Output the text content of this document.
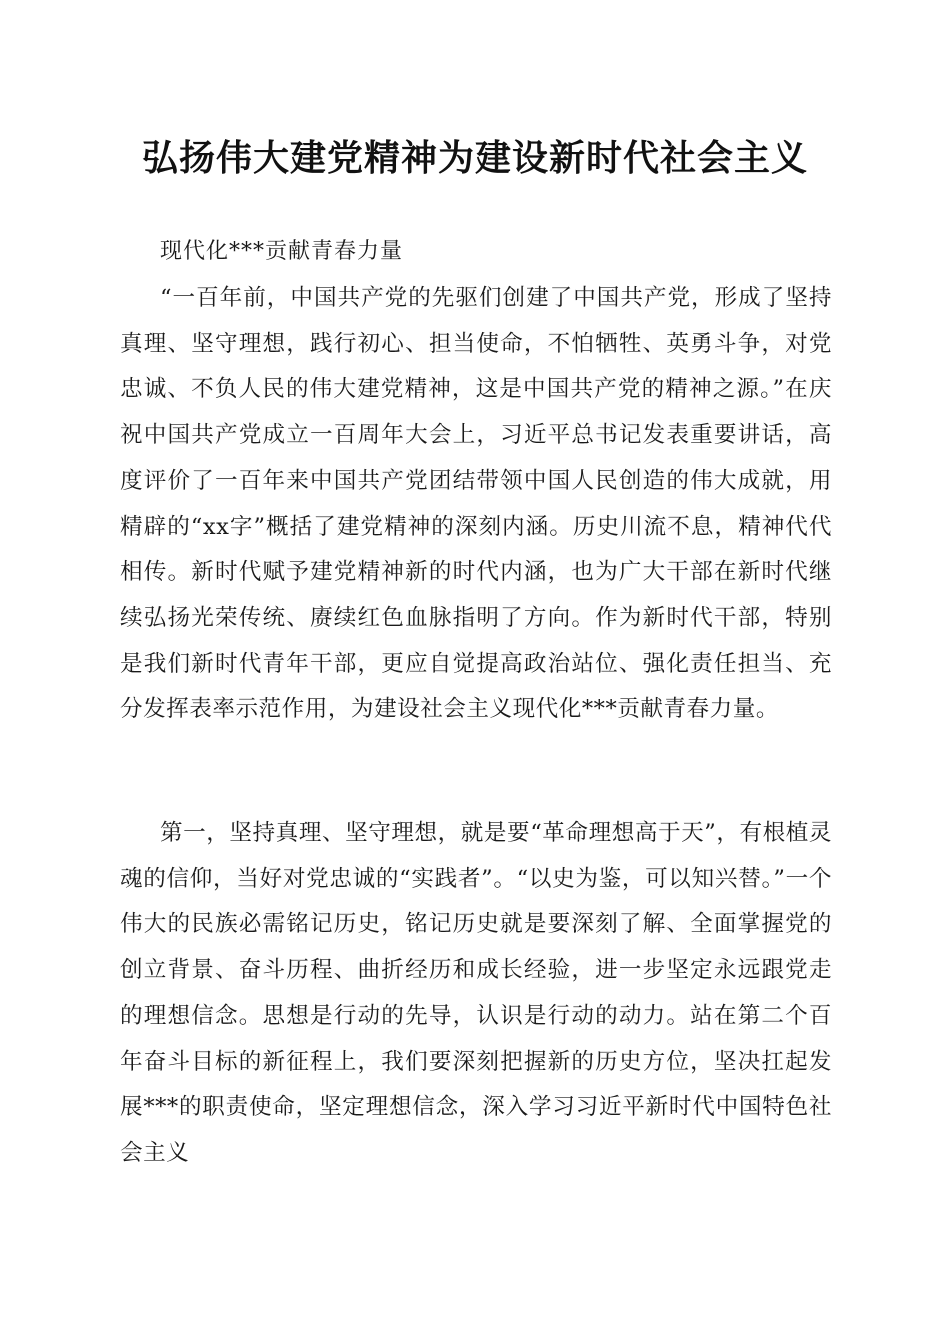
弘扬伟大建党精神为建设新时代社会主义
现代化***贡献青春力量

“一百年前，中国共产党的先驱们创建了中国共产党，形成了坚持真理、坚守理想，践行初心、担当使命，不怕牺牲、英勇斗争，对党忠诚、不负人民的伟大建党精神，这是中国共产党的精神之源。”在庆祝中国共产党成立一百周年大会上，习近平总书记发表重要讲话，高度评价了一百年来中国共产党团结带领中国人民创造的伟大成就，用精辟的“xx字”概括了建党精神的深刻内涵。历史川流不息，精神代代相传。新时代赋予建党精神新的时代内涵，也为广大干部在新时代继续弘扬光荣传统、赓续红色血脉指明了方向。作为新时代干部，特别是我们新时代青年干部，更应自觉提高政治站位、强化责任担当、充分发挥表率示范作用，为建设社会主义现代化***贡献青春力量。

第一，坚持真理、坚守理想，就是要“革命理想高于天”，有根植灵魂的信仰，当好对党忠诚的“实践者”。“以史为鉴，可以知兴替。”一个伟大的民族必需铭记历史，铭记历史就是要深刻了解、全面掌握党的创立背景、奋斗历程、曲折经历和成长经验，进一步坚定永远跟党走的理想信念。思想是行动的先导，认识是行动的动力。站在第二个百年奋斗目标的新征程上，我们要深刻把握新的历史方位，坚决扛起发展***的职责使命，坚定理想信念，深入学习习近平新时代中国特色社会主义
